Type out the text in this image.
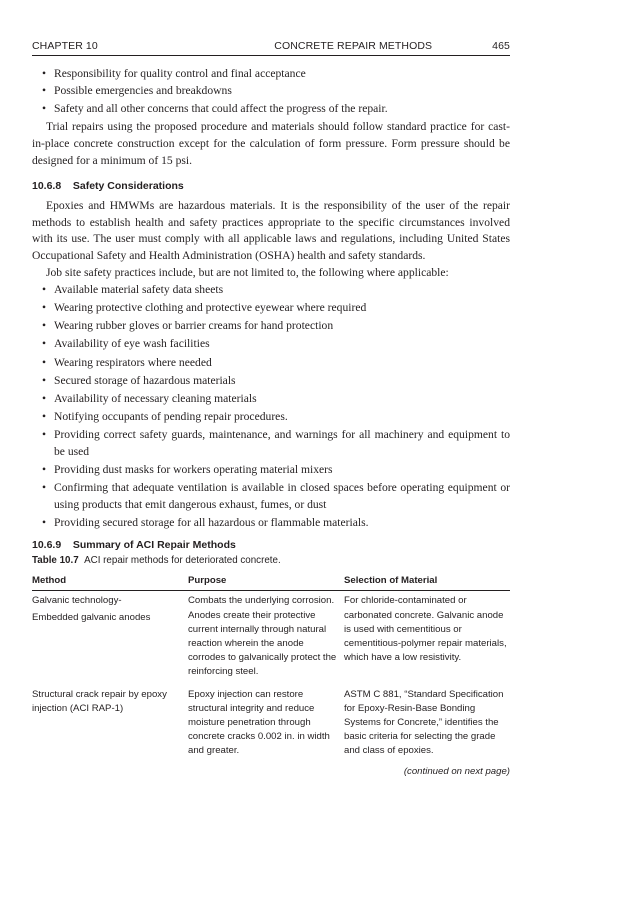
CHAPTER 10	CONCRETE REPAIR METHODS	465
• Responsibility for quality control and final acceptance
• Possible emergencies and breakdowns
• Safety and all other concerns that could affect the progress of the repair.

Trial repairs using the proposed procedure and materials should follow standard practice for cast-in-place concrete construction except for the calculation of form pressure. Form pressure should be designed for a minimum of 15 psi.

10.6.8 Safety Considerations

Epoxies and HMWMs are hazardous materials. It is the responsibility of the user of the repair methods to establish health and safety practices appropriate to the specific circumstances involved with its use. The user must comply with all applicable laws and regulations, including United States Occupational Safety and Health Administration (OSHA) health and safety standards.

Job site safety practices include, but are not limited to, the following where applicable:

• Available material safety data sheets
• Wearing protective clothing and protective eyewear where required
• Wearing rubber gloves or barrier creams for hand protection
• Availability of eye wash facilities
• Wearing respirators where needed
• Secured storage of hazardous materials
• Availability of necessary cleaning materials
• Notifying occupants of pending repair procedures.
• Providing correct safety guards, maintenance, and warnings for all machinery and equipment to be used
• Providing dust masks for workers operating material mixers
• Confirming that adequate ventilation is available in closed spaces before operating equipment or using products that emit dangerous exhaust, fumes, or dust
• Providing secured storage for all hazardous or flammable materials.
10.6.9 Summary of ACI Repair Methods
Table 10.7 ACI repair methods for deteriorated concrete.
Method	Purpose	Selection of Material

Galvanic technology-
Embedded galvanic anodes	Combats the underlying corrosion. Anodes create their protective current internally through natural reaction wherein the anode corrodes to galvanically protect the reinforcing steel.	For chloride-contaminated or carbonated concrete. Galvanic anode is used with cementitious or cementitious-polymer repair materials, which have a low resistivity.

Structural crack repair by epoxy injection (ACI RAP-1)	Epoxy injection can restore structural integrity and reduce moisture penetration through concrete cracks 0.002 in. in width and greater.	ASTM C 881, “Standard Specification for Epoxy-Resin-Base Bonding Systems for Concrete,” identifies the basic criteria for selecting the grade and class of epoxies.
(continued on next page)
